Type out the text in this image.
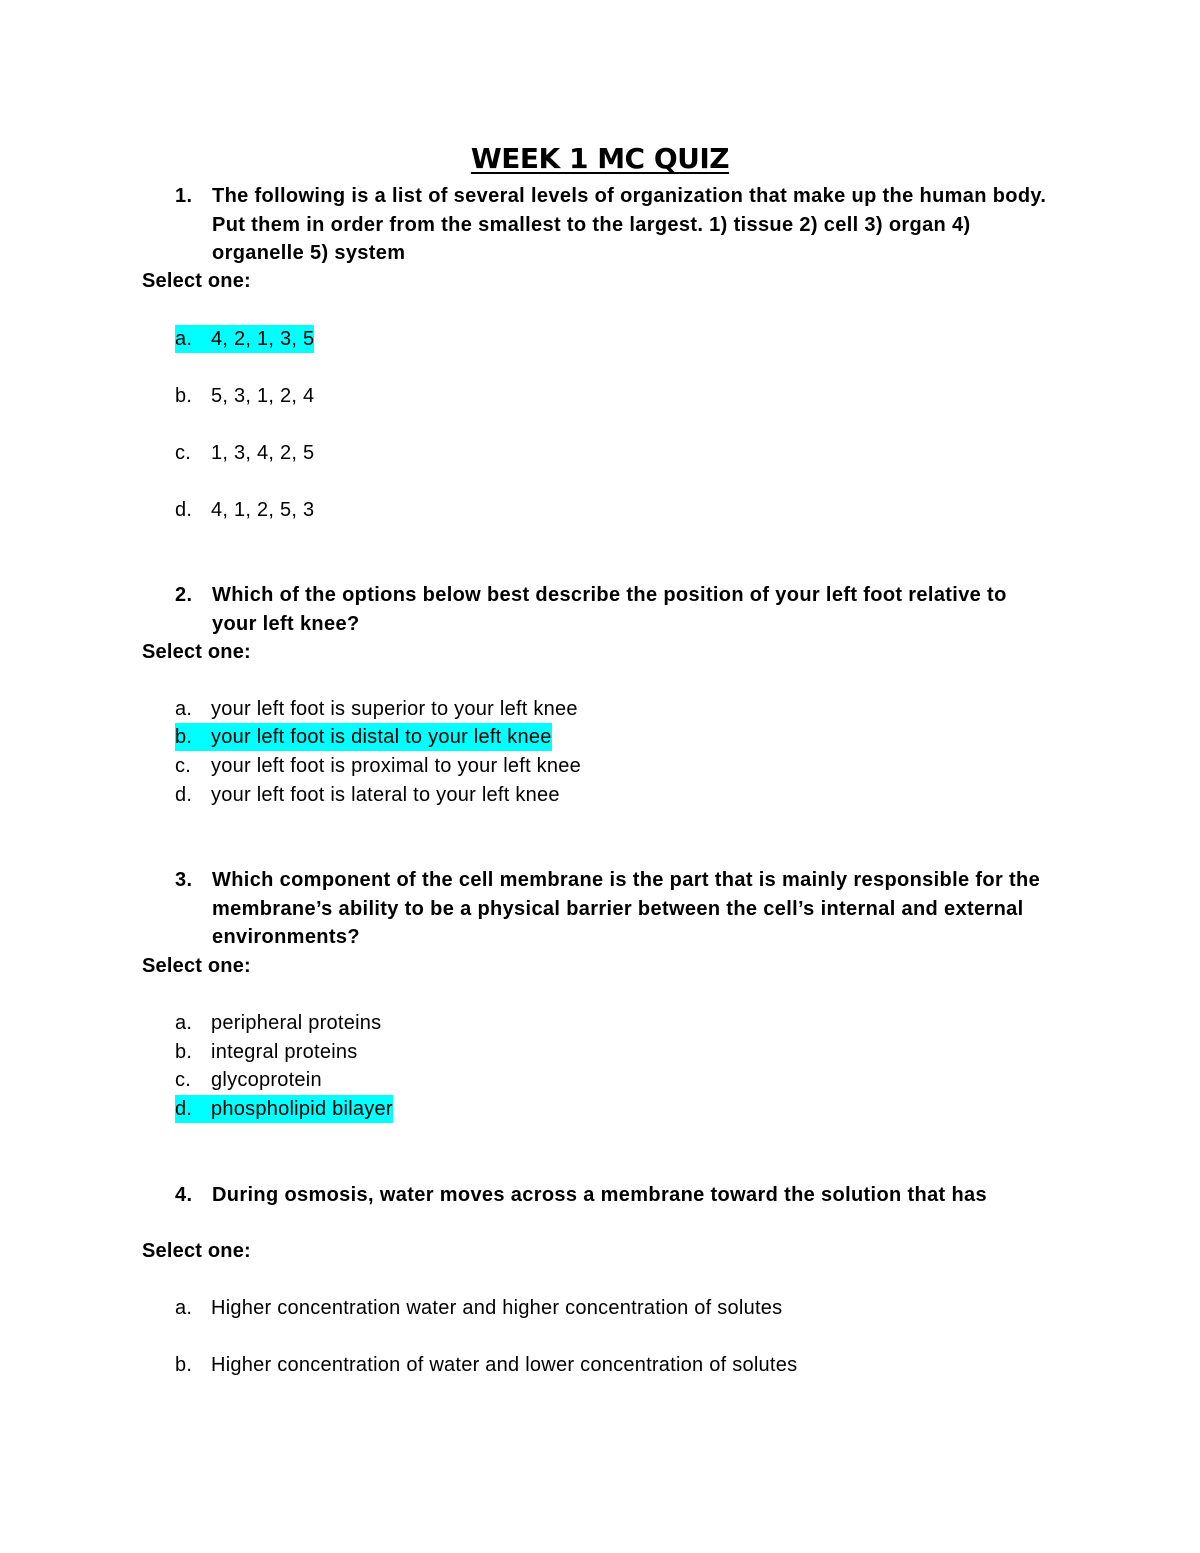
WEEK 1 MC QUIZ
1. The following is a list of several levels of organization that make up the human body. Put them in order from the smallest to the largest. 1) tissue 2) cell 3) organ 4) organelle 5) system
Select one:
a. 4, 2, 1, 3, 5
b. 5, 3, 1, 2, 4
c. 1, 3, 4, 2, 5
d. 4, 1, 2, 5, 3
2. Which of the options below best describe the position of your left foot relative to your left knee?
Select one:
a. your left foot is superior to your left knee
b. your left foot is distal to your left knee
c. your left foot is proximal to your left knee
d. your left foot is lateral to your left knee
3. Which component of the cell membrane is the part that is mainly responsible for the membrane’s ability to be a physical barrier between the cell’s internal and external environments?
Select one:
a. peripheral proteins
b. integral proteins
c. glycoprotein
d. phospholipid bilayer
4. During osmosis, water moves across a membrane toward the solution that has
Select one:
a. Higher concentration water and higher concentration of solutes
b. Higher concentration of water and lower concentration of solutes
